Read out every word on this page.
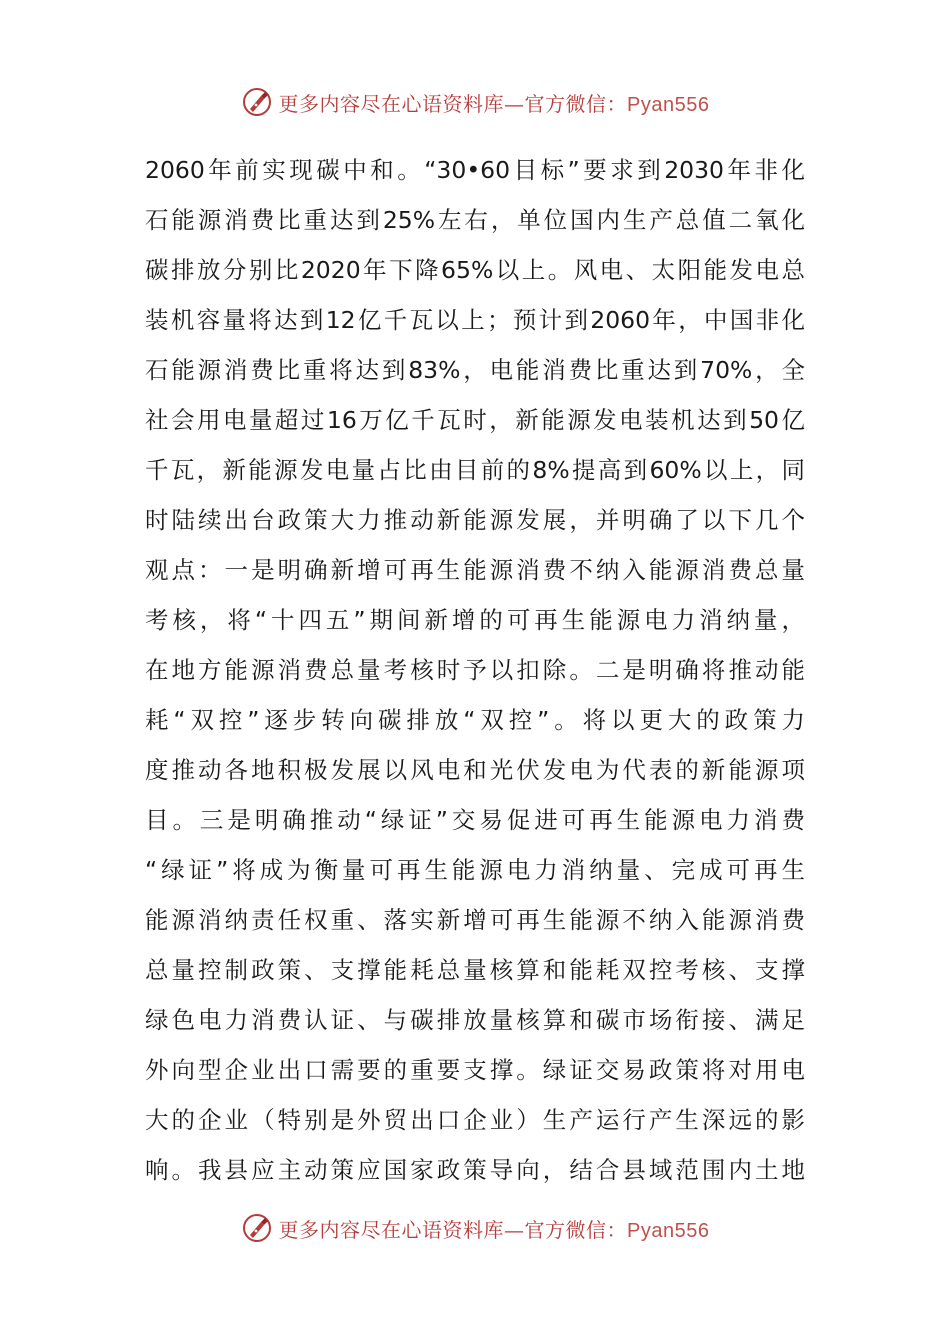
更多内容尽在心语资料库—官方微信：Pyan556
2060年前实现碳中和。“30•60目标”要求到2030年非化
石能源消费比重达到25%左右，单位国内生产总值二氧化
碳排放分别比2020年下降65%以上。风电、太阳能发电总
装机容量将达到12亿千瓦以上；预计到2060年，中国非化
石能源消费比重将达到83%，电能消费比重达到70%，全
社会用电量超过16万亿千瓦时，新能源发电装机达到50亿
千瓦，新能源发电量占比由目前的8%提高到60%以上，同
时陆续出台政策大力推动新能源发展，并明确了以下几个
观点：一是明确新增可再生能源消费不纳入能源消费总量
考核，将“十四五”期间新增的可再生能源电力消纳量，
在地方能源消费总量考核时予以扣除。二是明确将推动能
耗“双控”逐步转向碳排放“双控”。将以更大的政策力
度推动各地积极发展以风电和光伏发电为代表的新能源项
目。三是明确推动“绿证”交易促进可再生能源电力消费
“绿证”将成为衡量可再生能源电力消纳量、完成可再生
能源消纳责任权重、落实新增可再生能源不纳入能源消费
总量控制政策、支撑能耗总量核算和能耗双控考核、支撑
绿色电力消费认证、与碳排放量核算和碳市场衔接、满足
外向型企业出口需要的重要支撑。绿证交易政策将对用电
大的企业（特别是外贸出口企业）生产运行产生深远的影
响。我县应主动策应国家政策导向，结合县域范围内土地
更多内容尽在心语资料库—官方微信：Pyan556
